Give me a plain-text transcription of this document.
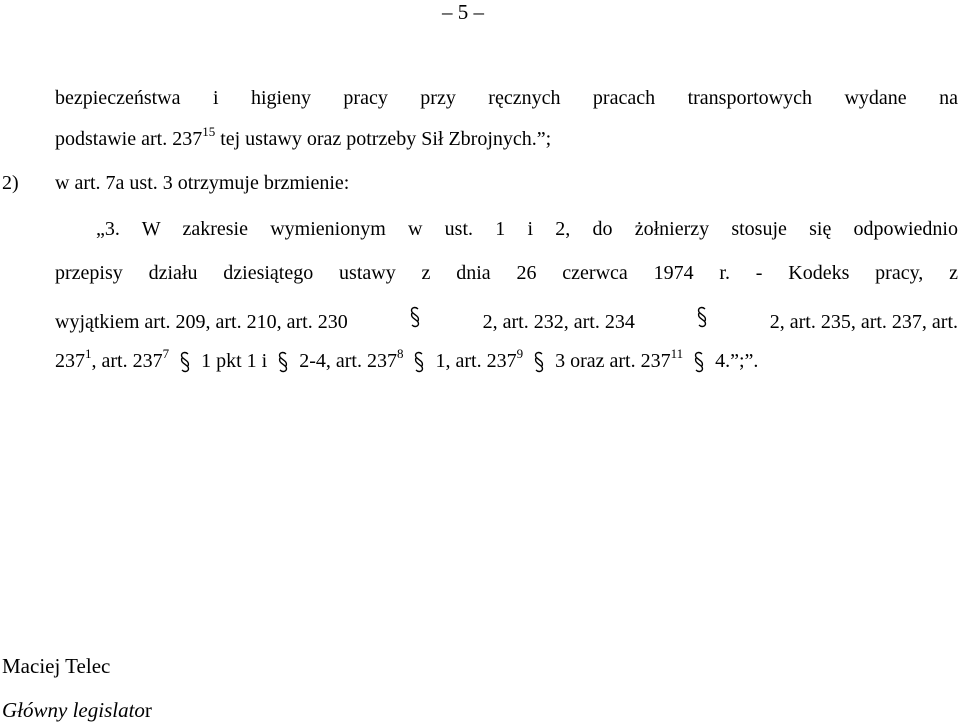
– 5 –
bezpieczeństwa i higieny pracy przy ręcznych pracach transportowych wydane na
podstawie art. $237^{15}$ tej ustawy oraz potrzeby Sił Zbrojnych.”;
2) w art. 7a ust. 3 otrzymuje brzmienie:
„3. W zakresie wymienionym w ust. 1 i 2, do żołnierzy stosuje się odpowiednio
przepisy działu dziesiątego ustawy z dnia 26 czerwca 1974 r. - Kodeks pracy, z
wyjątkiem art. 209, art. 210, art. 230	2, art. 232, art. 234	2, art. 235, art. 237, art.
$237^1$, art. $237^7$ 1 pkt 1 i 2-4, art. $237^8$ 1, art. $237^9$ 3 oraz art. $237^{11}$ 4.”;”.
Maciej Telec
Główny legislator
